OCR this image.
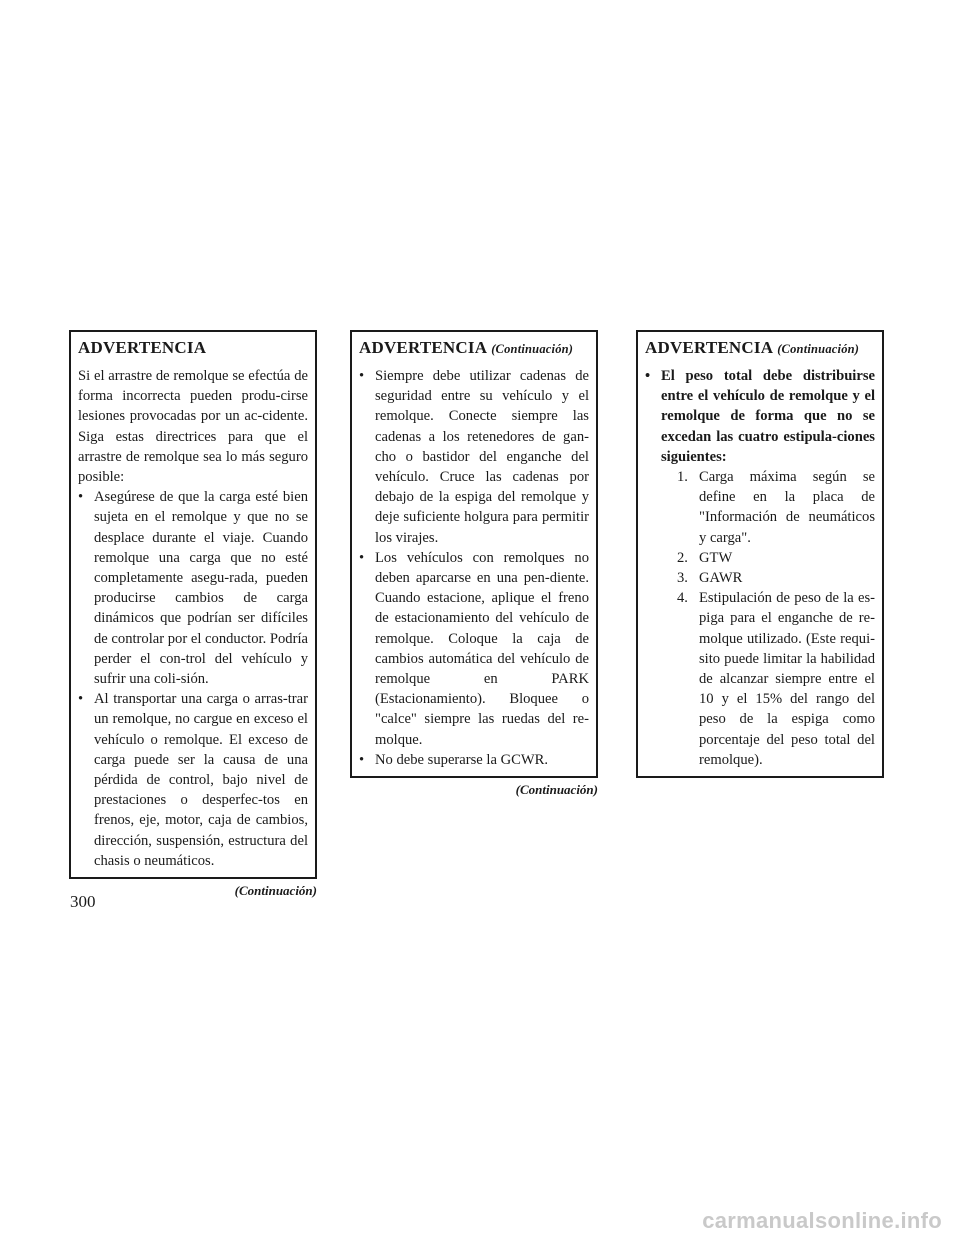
ADVERTENCIA

Si el arrastre de remolque se efectúa de forma incorrecta pueden produ-cirse lesiones provocadas por un ac-cidente. Siga estas directrices para que el arrastre de remolque sea lo más seguro posible:

• Asegúrese de que la carga esté bien sujeta en el remolque y que no se desplace durante el viaje. Cuando remolque una carga que no esté completamente asegu-rada, pueden producirse cambios de carga dinámicos que podrían ser difíciles de controlar por el conductor. Podría perder el con-trol del vehículo y sufrir una coli-sión.
• Al transportar una carga o arras-trar un remolque, no cargue en exceso el vehículo o remolque. El exceso de carga puede ser la causa de una pérdida de control, bajo nivel de prestaciones o desperfec-tos en frenos, eje, motor, caja de cambios, dirección, suspensión, estructura del chasis o neumáticos.
(Continuación)
ADVERTENCIA (Continuación)
• Siempre debe utilizar cadenas de seguridad entre su vehículo y el remolque. Conecte siempre las cadenas a los retenedores de gan-cho o bastidor del enganche del vehículo. Cruce las cadenas por debajo de la espiga del remolque y deje suficiente holgura para permitir los virajes.
• Los vehículos con remolques no deben aparcarse en una pen-diente. Cuando estacione, aplique el freno de estacionamiento del vehículo de remolque. Coloque la caja de cambios automática del vehículo de remolque en PARK (Estacionamiento). Bloquee o "calce" siempre las ruedas del re-molque.
• No debe superarse la GCWR.
(Continuación)
ADVERTENCIA (Continuación)
• El peso total debe distribuirse entre el vehículo de remolque y el remolque de forma que no se excedan las cuatro estipula-ciones siguientes:
1. Carga máxima según se define en la placa de "Información de neumáticos y carga".
2. GTW
3. GAWR
4. Estipulación de peso de la es-piga para el enganche de re-molque utilizado. (Este requi-sito puede limitar la habilidad de alcanzar siempre entre el 10 y el 15% del rango del peso de la espiga como porcentaje del peso total del remolque).
300
carmanualsonline.info
